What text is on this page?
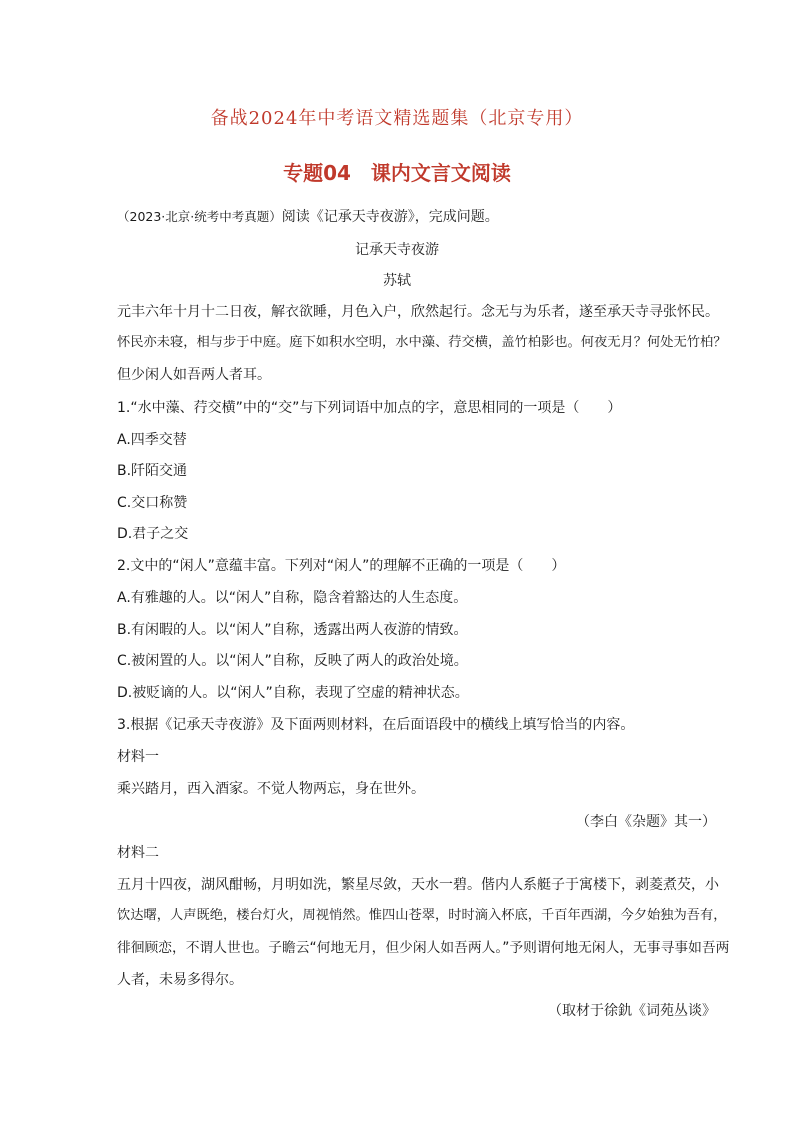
备战2024年中考语文精选题集（北京专用）
专题04　课内文言文阅读
（2023·北京·统考中考真题）阅读《记承天寺夜游》，完成问题。
记承天寺夜游
苏轼
元丰六年十月十二日夜，解衣欲睡，月色入户，欣然起行。念无与为乐者，遂至承天寺寻张怀民。
怀民亦未寝，相与步于中庭。庭下如积水空明，水中藻、荇交横，盖竹柏影也。何夜无月？何处无竹柏？
但少闲人如吾两人者耳。
1.“水中藻、荇交横”中的“交”与下列词语中加点的字，意思相同的一项是（　　）
A.四季交替
B.阡陌交通
C.交口称赞
D.君子之交
2.文中的“闲人”意蕴丰富。下列对“闲人”的理解不正确的一项是（　　）
A.有雅趣的人。以“闲人”自称，隐含着豁达的人生态度。
B.有闲暇的人。以“闲人”自称，透露出两人夜游的情致。
C.被闲置的人。以“闲人”自称，反映了两人的政治处境。
D.被贬谪的人。以“闲人”自称，表现了空虚的精神状态。
3.根据《记承天寺夜游》及下面两则材料，在后面语段中的横线上填写恰当的内容。
材料一
乘兴踏月，西入酒家。不觉人物两忘，身在世外。
（李白《杂题》其一）
材料二
五月十四夜，湖风酣畅，月明如洗，繁星尽敛，天水一碧。偕内人系艇子于寓楼下，剥菱煮芡，小
饮达曙，人声既绝，楼台灯火，周视悄然。惟四山苍翠，时时滴入杯底，千百年西湖，今夕始独为吾有，
徘徊顾恋，不谓人世也。子瞻云“何地无月，但少闲人如吾两人。”予则谓何地无闲人，无事寻事如吾两
人者，未易多得尔。
（取材于徐釚《词苑丛谈》
